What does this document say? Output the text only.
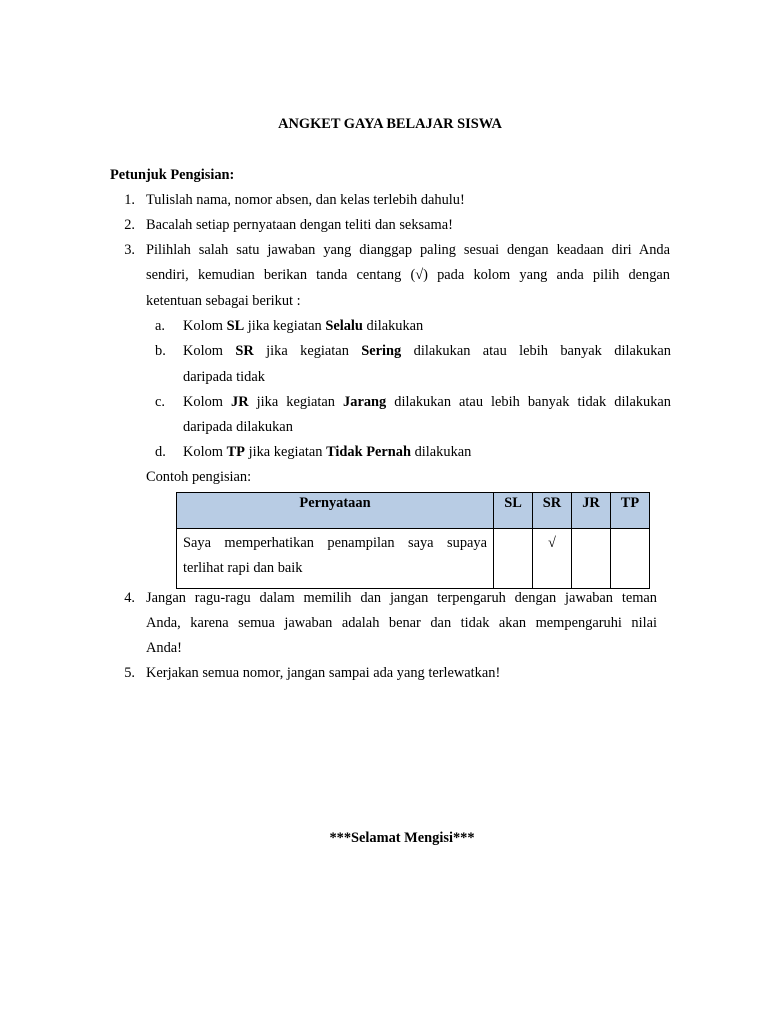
ANGKET GAYA BELAJAR SISWA
Petunjuk Pengisian:
1. Tulislah nama, nomor absen, dan kelas terlebih dahulu!
2. Bacalah setiap pernyataan dengan teliti dan seksama!
3. Pilihlah salah satu jawaban yang dianggap paling sesuai dengan keadaan diri Anda
sendiri, kemudian berikan tanda centang (√) pada kolom yang anda pilih dengan
ketentuan sebagai berikut :
a. Kolom SL jika kegiatan Selalu dilakukan
b. Kolom SR jika kegiatan Sering dilakukan atau lebih banyak dilakukan
daripada tidak
c. Kolom JR jika kegiatan Jarang dilakukan atau lebih banyak tidak dilakukan
daripada dilakukan
d. Kolom TP jika kegiatan Tidak Pernah dilakukan
Contoh pengisian:
Pernyataan	SL	SR	JR	TP

Saya memperhatikan penampilan saya supaya terlihat rapi dan baik		√		

4. Jangan ragu-ragu dalam memilih dan jangan terpengaruh dengan jawaban teman
Anda, karena semua jawaban adalah benar dan tidak akan mempengaruhi nilai
Anda!
5. Kerjakan semua nomor, jangan sampai ada yang terlewatkan!
***Selamat Mengisi***
